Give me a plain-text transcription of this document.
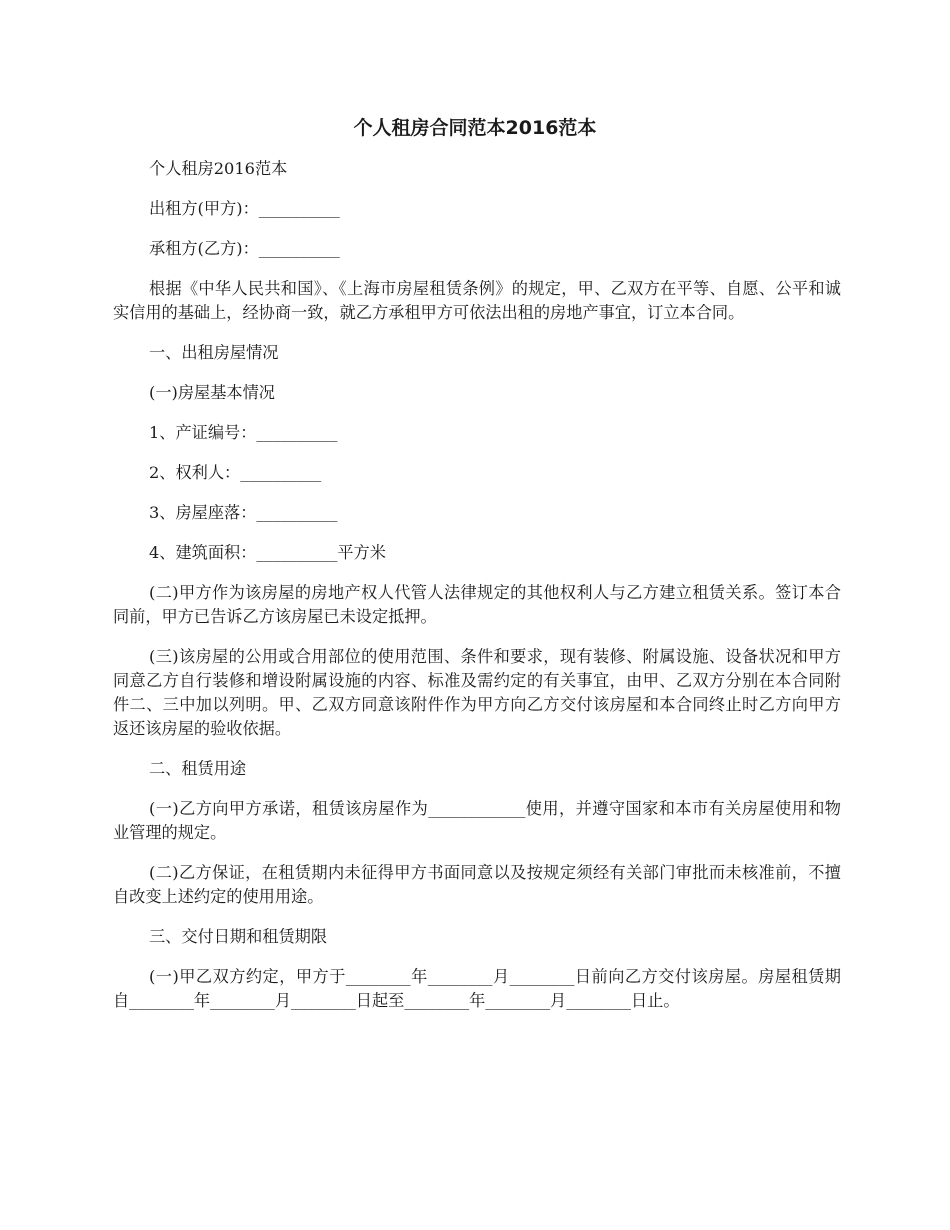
个人租房合同范本2016范本

个人租房2016范本

出租方(甲方)：__________

承租方(乙方)：__________

根据《中华人民共和国》、《上海市房屋租赁条例》的规定，甲、乙双方在平等、自愿、公平和诚实信用的基础上，经协商一致，就乙方承租甲方可依法出租的房地产事宜，订立本合同。

一、出租房屋情况

(一)房屋基本情况

1、产证编号：__________

2、权利人：__________

3、房屋座落：__________

4、建筑面积：__________平方米

(二)甲方作为该房屋的房地产权人代管人法律规定的其他权利人与乙方建立租赁关系。签订本合同前，甲方已告诉乙方该房屋已未设定抵押。

(三)该房屋的公用或合用部位的使用范围、条件和要求，现有装修、附属设施、设备状况和甲方同意乙方自行装修和增设附属设施的内容、标准及需约定的有关事宜，由甲、乙双方分别在本合同附件二、三中加以列明。甲、乙双方同意该附件作为甲方向乙方交付该房屋和本合同终止时乙方向甲方返还该房屋的验收依据。

二、租赁用途

(一)乙方向甲方承诺，租赁该房屋作为____________使用，并遵守国家和本市有关房屋使用和物业管理的规定。

(二)乙方保证，在租赁期内未征得甲方书面同意以及按规定须经有关部门审批而未核准前，不擅自改变上述约定的使用用途。

三、交付日期和租赁期限

(一)甲乙双方约定，甲方于________年________月________日前向乙方交付该房屋。房屋租赁期自________年________月________日起至________年________月________日止。
